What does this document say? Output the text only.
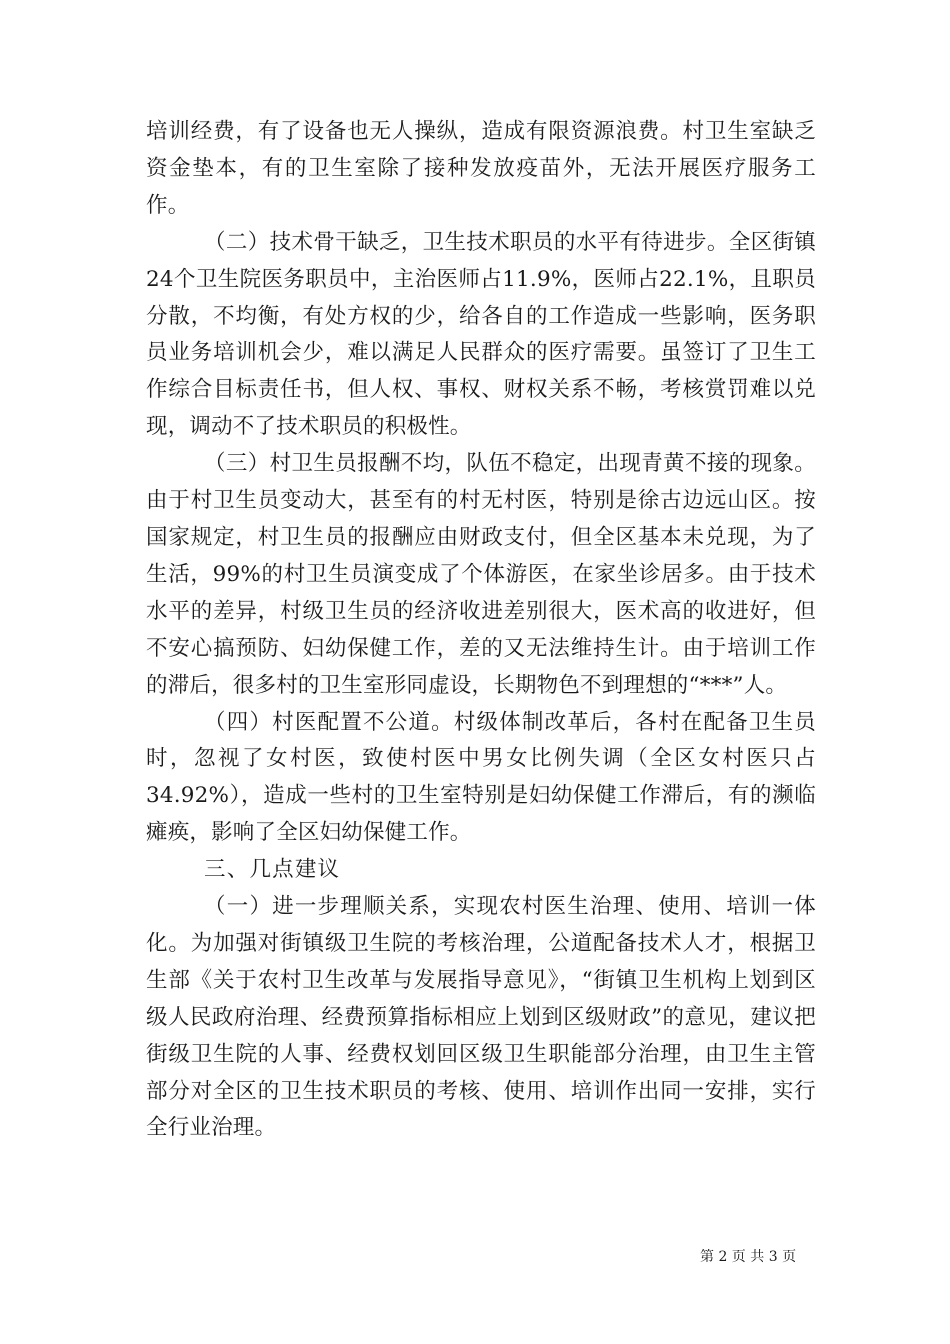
培训经费，有了设备也无人操纵，造成有限资源浪费。村卫生室缺乏资金垫本，有的卫生室除了接种发放疫苗外，无法开展医疗服务工作。

（二）技术骨干缺乏，卫生技术职员的水平有待进步。全区街镇24个卫生院医务职员中，主治医师占11.9%，医师占22.1%，且职员分散，不均衡，有处方权的少，给各自的工作造成一些影响，医务职员业务培训机会少，难以满足人民群众的医疗需要。虽签订了卫生工作综合目标责任书，但人权、事权、财权关系不畅，考核赏罚难以兑现，调动不了技术职员的积极性。

（三）村卫生员报酬不均，队伍不稳定，出现青黄不接的现象。由于村卫生员变动大，甚至有的村无村医，特别是徐古边远山区。按国家规定，村卫生员的报酬应由财政支付，但全区基本未兑现，为了生活，99%的村卫生员演变成了个体游医，在家坐诊居多。由于技术水平的差异，村级卫生员的经济收进差别很大，医术高的收进好，但不安心搞预防、妇幼保健工作，差的又无法维持生计。由于培训工作的滞后，很多村的卫生室形同虚设，长期物色不到理想的“***”人。

（四）村医配置不公道。村级体制改革后，各村在配备卫生员时，忽视了女村医，致使村医中男女比例失调（全区女村医只占34.92%），造成一些村的卫生室特别是妇幼保健工作滞后，有的濒临瘫痪，影响了全区妇幼保健工作。

三、几点建议

（一）进一步理顺关系，实现农村医生治理、使用、培训一体化。为加强对街镇级卫生院的考核治理，公道配备技术人才，根据卫生部《关于农村卫生改革与发展指导意见》，“街镇卫生机构上划到区级人民政府治理、经费预算指标相应上划到区级财政”的意见，建议把街级卫生院的人事、经费权划回区级卫生职能部分治理，由卫生主管部分对全区的卫生技术职员的考核、使用、培训作出同一安排，实行全行业治理。

第 2 页 共 3 页
